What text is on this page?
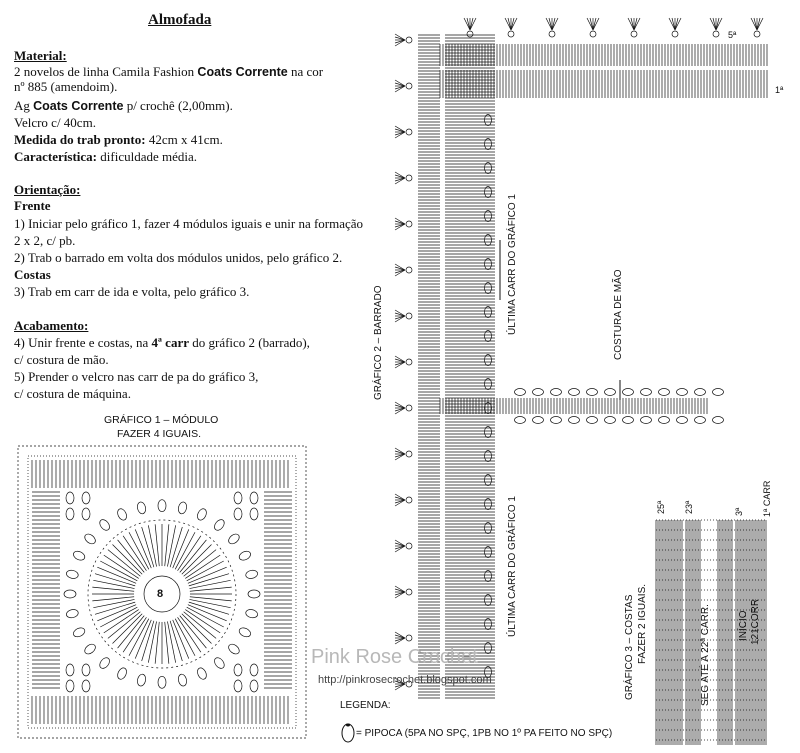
Almofada
Material:
2 novelos de linha Camila Fashion Coats Corrente na cor
nº 885 (amendoim).
Ag Coats Corrente p/ crochê (2,00mm).
Velcro c/ 40cm.
Medida do trab pronto: 42cm x 41cm.
Característica: dificuldade média.
Orientação:
Frente
1) Iniciar pelo gráfico 1, fazer 4 módulos iguais e unir na formação
2 x 2, c/ pb.
2) Trab o barrado em volta dos módulos unidos, pelo gráfico 2.
Costas
3) Trab em carr de ida e volta, pelo gráfico 3.
Acabamento:
4) Unir frente e costas, na 4ª carr do gráfico 2 (barrado),
c/ costura de mão.
5) Prender o velcro nas carr de pa do gráfico 3,
c/ costura de máquina.
GRÁFICO 1 – MÓDULO
FAZER 4 IGUAIS.
8
GRÁFICO 2 – BARRADO
ÚLTIMA CARR DO GRÁFICO 1
ÚLTIMA CARR DO GRÁFICO 1
COSTURA DE MÃO
5ª
1ª
GRÁFICO 3 – COSTAS FAZER 2 IGUAIS.	SEG ATÉ A 22ª CARR.	INÍCIO 121CORR
25ª 23ª	3ª 1ª CARR
Pink Rose Crochet
http://pinkrosecrochet.blogspot.com
LEGENDA:
= PIPOCA (5PA NO SPÇ, 1PB NO 1º PA FEITO NO SPÇ)
